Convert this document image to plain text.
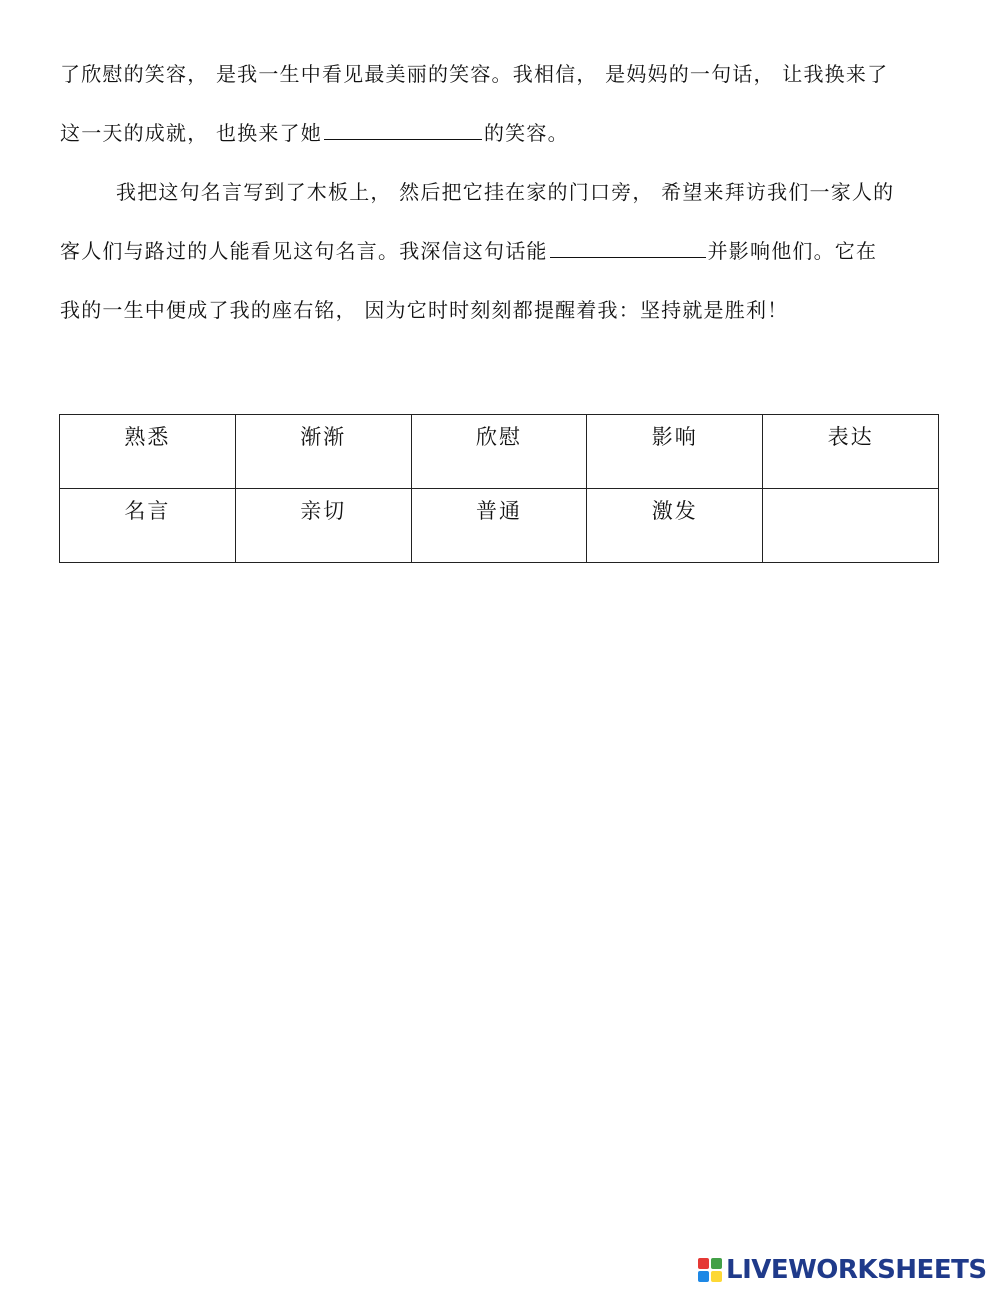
了欣慰的笑容， 是我一生中看见最美丽的笑容。我相信， 是妈妈的一句话， 让我换来了
这一天的成就， 也换来了她	的笑容。
我把这句名言写到了木板上， 然后把它挂在家的门口旁， 希望来拜访我们一家人的
客人们与路过的人能看见这句名言。我深信这句话能	并影响他们。它在
我的一生中便成了我的座右铭， 因为它时时刻刻都提醒着我：坚持就是胜利！
熟悉	渐渐	欣慰	影响	表达
名言	亲切	普通	激发	
LIVEWORKSHEETS
